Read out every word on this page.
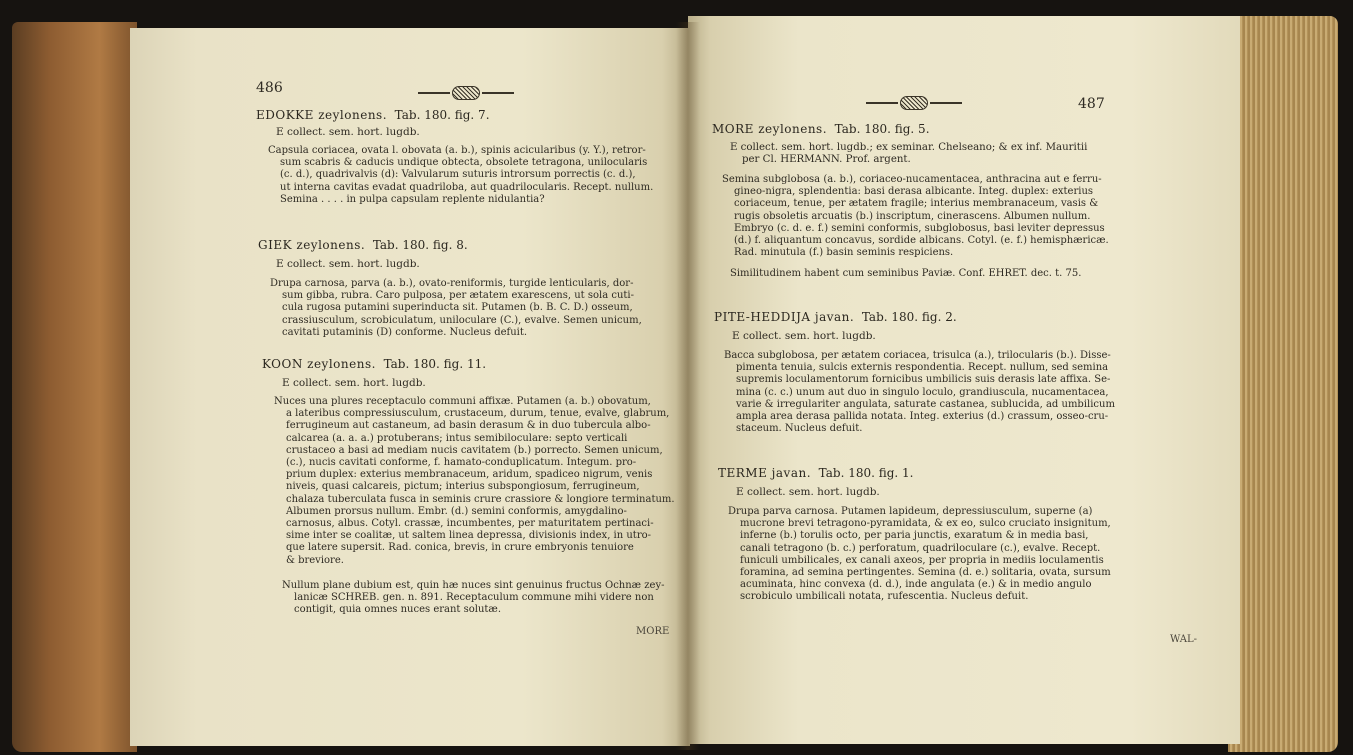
486
EDOKKE zeylonens. Tab. 180. fig. 7.
E collect. sem. hort. lugdb.
Capsula coriacea, ovata l. obovata (a. b.), spinis acicularibus (y. Y.), retror-
sum scabris & caducis undique obtecta, obsolete tetragona, unilocularis
(c. d.), quadrivalvis (d): Valvularum suturis introrsum porrectis (c. d.),
ut interna cavitas evadat quadriloba, aut quadrilocularis. Recept. nullum.
Semina . . . . in pulpa capsulam replente nidulantia?
GIEK zeylonens. Tab. 180. fig. 8.
E collect. sem. hort. lugdb.
Drupa carnosa, parva (a. b.), ovato-reniformis, turgide lenticularis, dor-
sum gibba, rubra. Caro pulposa, per ætatem exarescens, ut sola cuti-
cula rugosa putamini superinducta sit. Putamen (b. B. C. D.) osseum,
crassiusculum, scrobiculatum, uniloculare (C.), evalve. Semen unicum,
cavitati putaminis (D) conforme. Nucleus defuit.
KOON zeylonens. Tab. 180. fig. 11.
E collect. sem. hort. lugdb.
Nuces una plures receptaculo communi affixæ. Putamen (a. b.) obovatum,
a lateribus compressiusculum, crustaceum, durum, tenue, evalve, glabrum,
ferrugineum aut castaneum, ad basin derasum & in duo tubercula albo-
calcarea (a. a. a.) protuberans; intus semibiloculare: septo verticali
crustaceo a basi ad mediam nucis cavitatem (b.) porrecto. Semen unicum,
(c.), nucis cavitati conforme, f. hamato-conduplicatum. Integum. pro-
prium duplex: exterius membranaceum, aridum, spadiceo nigrum, venis
niveis, quasi calcareis, pictum; interius subspongiosum, ferrugineum,
chalaza tuberculata fusca in seminis crure crassiore & longiore terminatum.
Albumen prorsus nullum. Embr. (d.) semini conformis, amygdalino-
carnosus, albus. Cotyl. crassæ, incumbentes, per maturitatem pertinaci-
sime inter se coalitæ, ut saltem linea depressa, divisionis index, in utro-
que latere supersit. Rad. conica, brevis, in crure embryonis tenuiore
& breviore.
Nullum plane dubium est, quin hæ nuces sint genuinus fructus Ochnæ zey-
lanicæ SCHREB. gen. n. 891. Receptaculum commune mihi videre non
contigit, quia omnes nuces erant solutæ.
MORE
487
MORE zeylonens. Tab. 180. fig. 5.
E collect. sem. hort. lugdb.; ex seminar. Chelseano; & ex inf. Mauritii
per Cl. HERMANN. Prof. argent.
Semina subglobosa (a. b.), coriaceo-nucamentacea, anthracina aut e ferru-
gineo-nigra, splendentia: basi derasa albicante. Integ. duplex: exterius
coriaceum, tenue, per ætatem fragile; interius membranaceum, vasis &
rugis obsoletis arcuatis (b.) inscriptum, cinerascens. Albumen nullum.
Embryo (c. d. e. f.) semini conformis, subglobosus, basi leviter depressus
(d.) f. aliquantum concavus, sordide albicans. Cotyl. (e. f.) hemisphæricæ.
Rad. minutula (f.) basin seminis respiciens.
Similitudinem habent cum seminibus Paviæ. Conf. EHRET. dec. t. 75.
PITE-HEDDIJA javan. Tab. 180. fig. 2.
E collect. sem. hort. lugdb.
Bacca subglobosa, per ætatem coriacea, trisulca (a.), trilocularis (b.). Disse-
pimenta tenuia, sulcis externis respondentia. Recept. nullum, sed semina
supremis loculamentorum fornicibus umbilicis suis derasis late affixa. Se-
mina (c. c.) unum aut duo in singulo loculo, grandiuscula, nucamentacea,
varie & irregulariter angulata, saturate castanea, sublucida, ad umbilicum
ampla area derasa pallida notata. Integ. exterius (d.) crassum, osseo-cru-
staceum. Nucleus defuit.
TERME javan. Tab. 180. fig. 1.
E collect. sem. hort. lugdb.
Drupa parva carnosa. Putamen lapideum, depressiusculum, superne (a)
mucrone brevi tetragono-pyramidata, & ex eo, sulco cruciato insignitum,
inferne (b.) torulis octo, per paria junctis, exaratum & in media basi,
canali tetragono (b. c.) perforatum, quadriloculare (c.), evalve. Recept.
funiculi umbilicales, ex canali axeos, per propria in mediis loculamentis
foramina, ad semina pertingentes. Semina (d. e.) solitaria, ovata, sursum
acuminata, hinc convexa (d. d.), inde angulata (e.) & in medio angulo
scrobiculo umbilicali notata, rufescentia. Nucleus defuit.
WAL-
